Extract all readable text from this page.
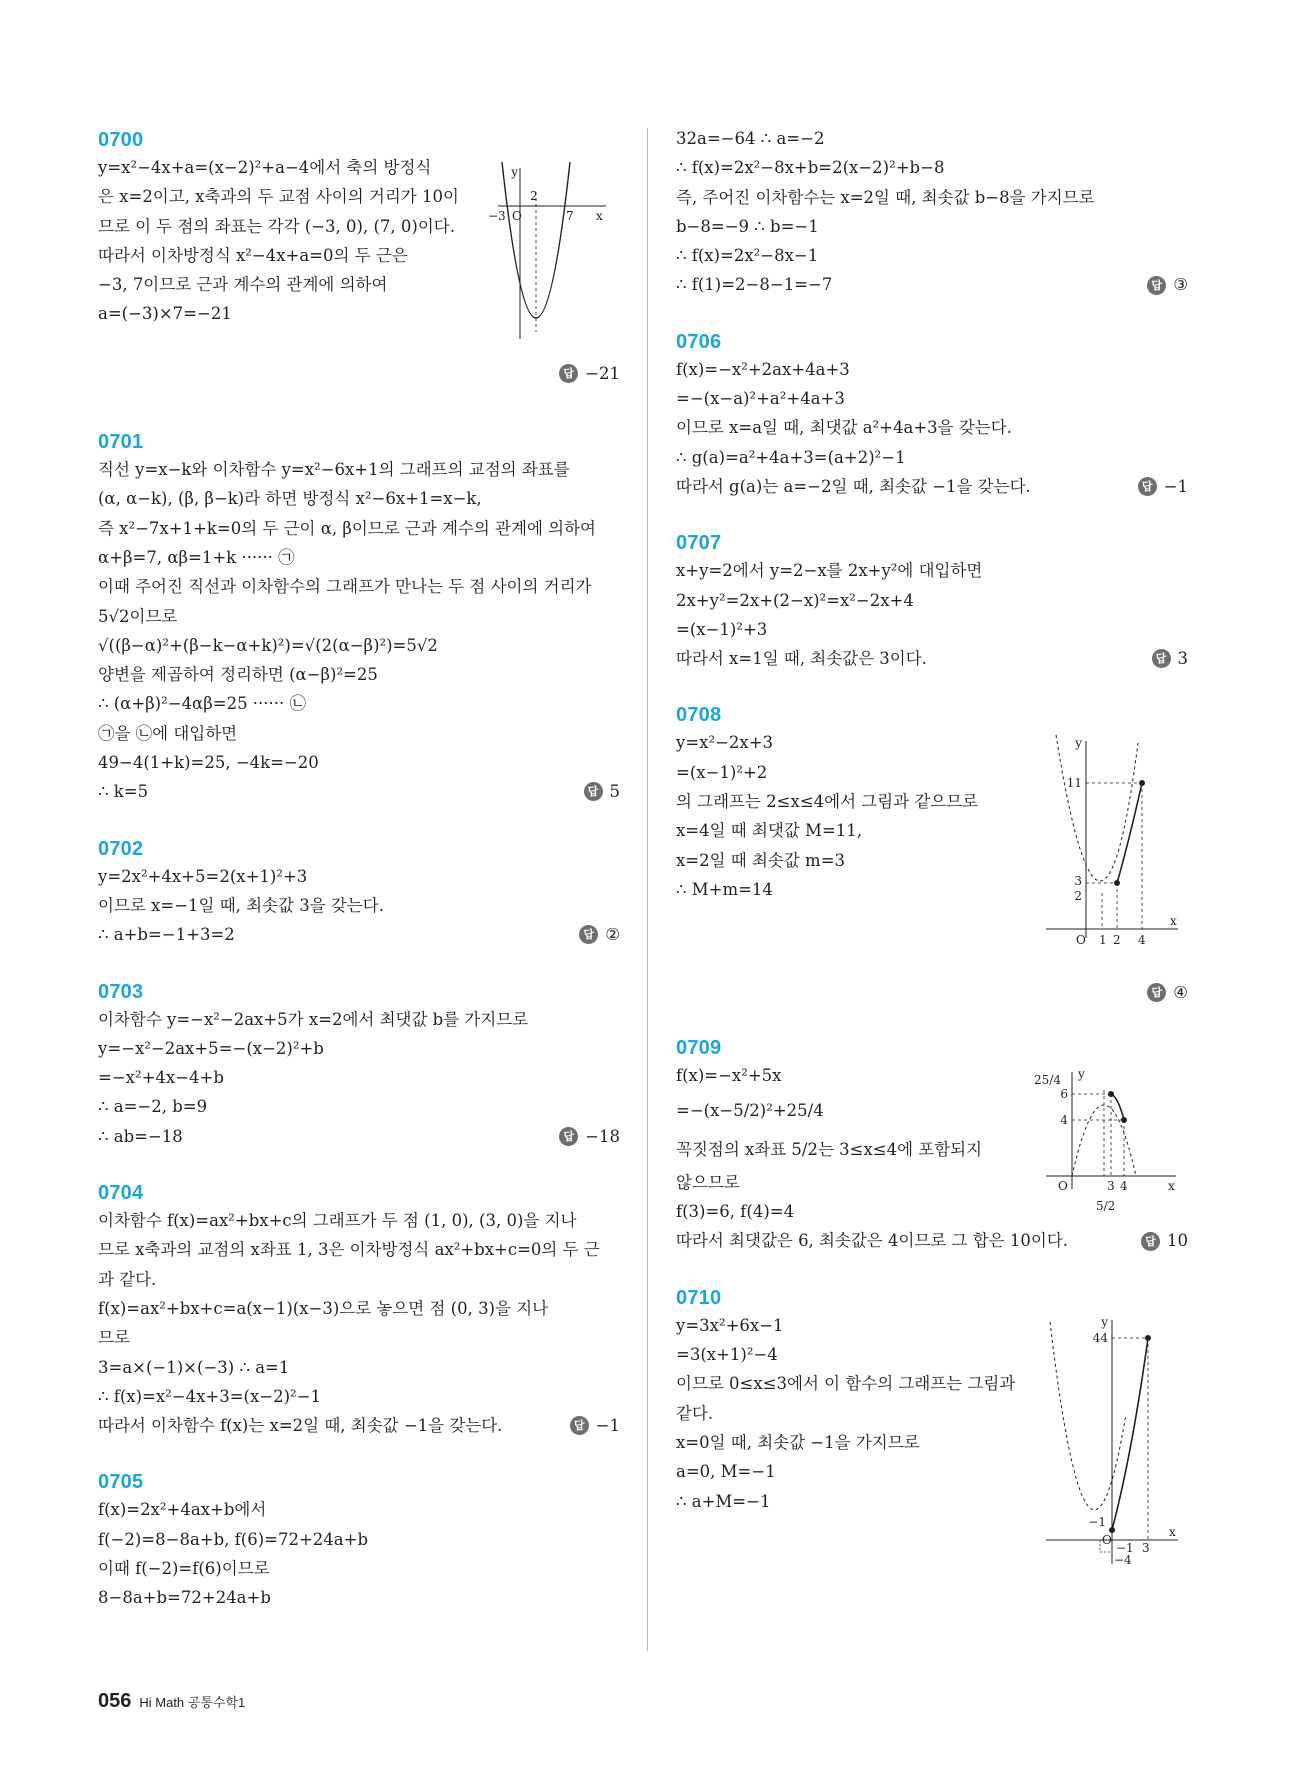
0700
y=x²−4x+a=(x−2)²+a−4에서 축의 방정식
은 x=2이고, x축과의 두 교점 사이의 거리가 10이
므로 이 두 점의 좌표는 각각 (−3, 0), (7, 0)이다.
따라서 이차방정식 x²−4x+a=0의 두 근은
−3, 7이므로 근과 계수의 관계에 의하여
a=(−3)×7=−21
답 −21
y
x
−3 O	7
2
0701
직선 y=x−k와 이차함수 y=x²−6x+1의 그래프의 교점의 좌표를
(α, α−k), (β, β−k)라 하면 방정식 x²−6x+1=x−k,
즉 x²−7x+1+k=0의 두 근이 α, β이므로 근과 계수의 관계에 의하여
α+β=7, αβ=1+k ······ ㉠
이때 주어진 직선과 이차함수의 그래프가 만나는 두 점 사이의 거리가
5√2이므로
√((β−α)²+(β−k−α+k)²)=√(2(α−β)²)=5√2
양변을 제곱하여 정리하면 (α−β)²=25
∴ (α+β)²−4αβ=25 ······ ㉡
㉠을 ㉡에 대입하면
49−4(1+k)=25, −4k=−20
∴ k=5	답 5
0702
y=2x²+4x+5=2(x+1)²+3
이므로 x=−1일 때, 최솟값 3을 갖는다.
∴ a+b=−1+3=2	답 ②
0703
이차함수 y=−x²−2ax+5가 x=2에서 최댓값 b를 가지므로
y=−x²−2ax+5=−(x−2)²+b
=−x²+4x−4+b
∴ a=−2, b=9
∴ ab=−18	답 −18
0704
이차함수 f(x)=ax²+bx+c의 그래프가 두 점 (1, 0), (3, 0)을 지나
므로 x축과의 교점의 x좌표 1, 3은 이차방정식 ax²+bx+c=0의 두 근
과 같다.
f(x)=ax²+bx+c=a(x−1)(x−3)으로 놓으면 점 (0, 3)을 지나
므로
3=a×(−1)×(−3) ∴ a=1
∴ f(x)=x²−4x+3=(x−2)²−1
따라서 이차함수 f(x)는 x=2일 때, 최솟값 −1을 갖는다.	답 −1
0705
f(x)=2x²+4ax+b에서
f(−2)=8−8a+b, f(6)=72+24a+b
이때 f(−2)=f(6)이므로
8−8a+b=72+24a+b
32a=−64 ∴ a=−2
∴ f(x)=2x²−8x+b=2(x−2)²+b−8
즉, 주어진 이차함수는 x=2일 때, 최솟값 b−8을 가지므로
b−8=−9 ∴ b=−1
∴ f(x)=2x²−8x−1
∴ f(1)=2−8−1=−7	답 ③
0706
f(x)=−x²+2ax+4a+3
=−(x−a)²+a²+4a+3
이므로 x=a일 때, 최댓값 a²+4a+3을 갖는다.
∴ g(a)=a²+4a+3=(a+2)²−1
따라서 g(a)는 a=−2일 때, 최솟값 −1을 갖는다.	답 −1
0707
x+y=2에서 y=2−x를 2x+y²에 대입하면
2x+y²=2x+(2−x)²=x²−2x+4
=(x−1)²+3
따라서 x=1일 때, 최솟값은 3이다.	답 3
0708
y=x²−2x+3
=(x−1)²+2
의 그래프는 2≤x≤4에서 그림과 같으므로
x=4일 때 최댓값 M=11,
x=2일 때 최솟값 m=3
∴ M+m=14
답 ④
y
x
11
3
2
O 1 2 4
0709
f(x)=−x²+5x
=−(x−5/2)²+25/4
꼭짓점의 x좌표 5/2는 3≤x≤4에 포함되지
않으므로
f(3)=6, f(4)=4
따라서 최댓값은 6, 최솟값은 4이므로 그 합은 10이다.	답 10
y
x
25/4
6
4
O	3 4
5/2
0710
y=3x²+6x−1
=3(x+1)²−4
이므로 0≤x≤3에서 이 함수의 그래프는 그림과
같다.
x=0일 때, 최솟값 −1을 가지므로
a=0, M=−1
∴ a+M=−1
y
x
44
−1
O
−1
−4
3
056 Hi Math 공통수학1
